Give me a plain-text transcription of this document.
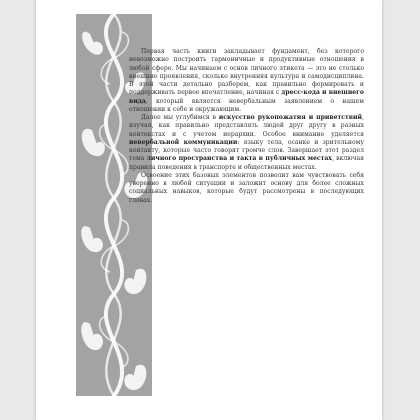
Первая часть книги закладывает фундамент, без которого невозможно построить гармоничные и продуктивные отношения в любой сфере. Мы начинаем с основ личного этикета — это не столько внешние проявления, сколько внутренняя культура и самодисциплина. В этой части детально разберем, как правильно формировать и поддерживать первое впечатление, начиная с дресс-кода и внешнего вида, который является невербальным заявлением о нашем отношении к себе и окружающим.

Далее мы углубимся в искусство рукопожатия и приветствий, изучая, как правильно представлять людей друг другу в разных контекстах и с учетом иерархии. Особое внимание уделяется невербальной коммуникации: языку тела, осанке и зрительному контакту, которые часто говорят громче слов. Завершает этот раздел тема личного пространства и такта в публичных местах, включая правила поведения в транспорте и общественных местах.

Освоение этих базовых элементов позволит вам чувствовать себя уверенно в любой ситуации и заложит основу для более сложных социальных навыков, которые будут рассмотрены в последующих главах.
